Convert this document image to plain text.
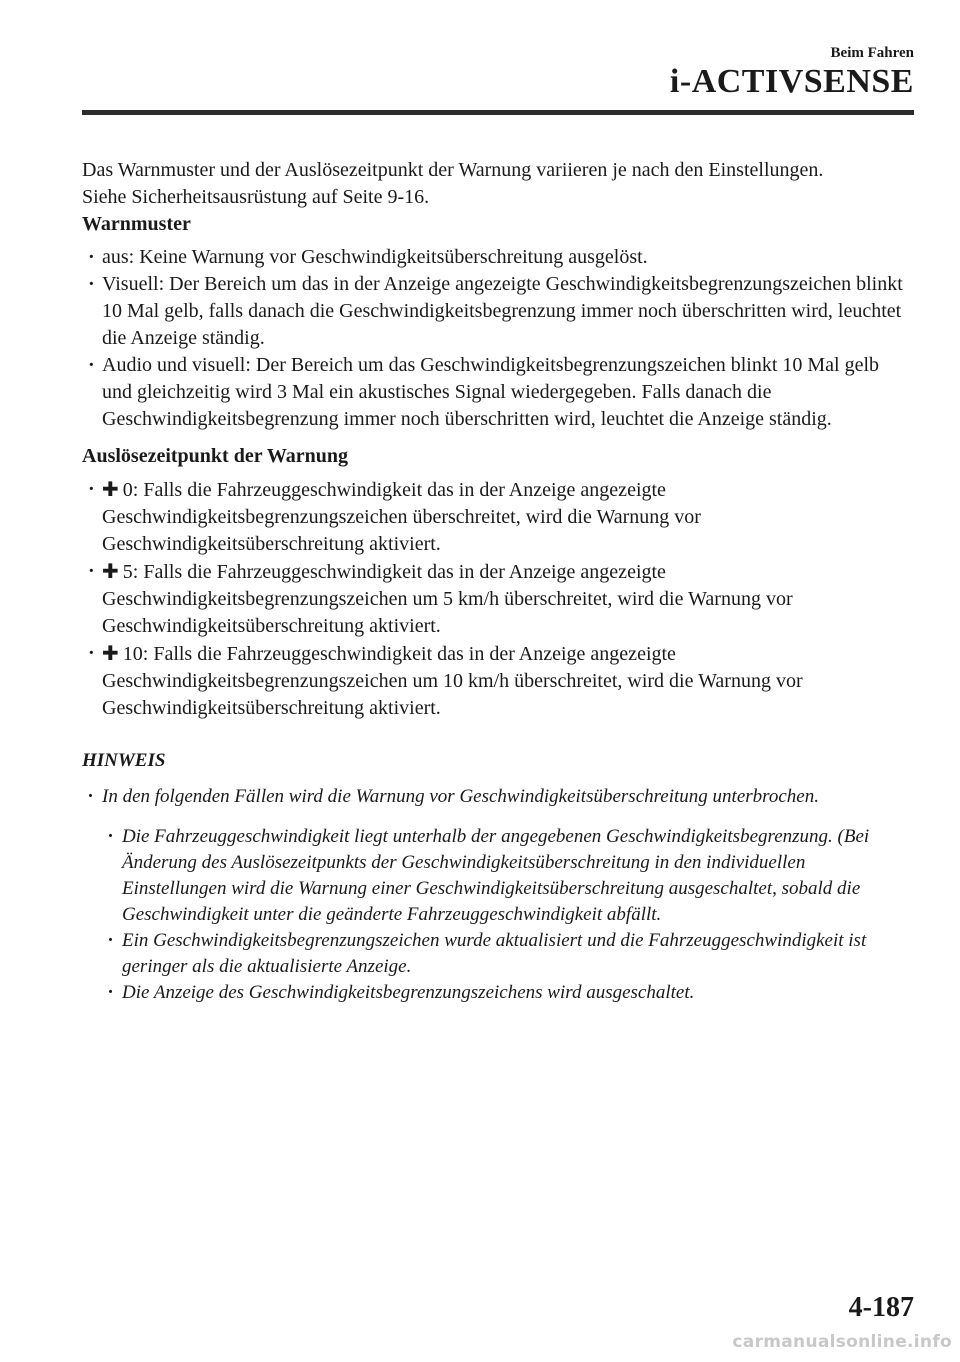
Beim Fahren
i-ACTIVSENSE

Das Warnmuster und der Auslösezeitpunkt der Warnung variieren je nach den Einstellungen.
Siehe Sicherheitsausrüstung auf Seite 9-16.

Warnmuster

· aus: Keine Warnung vor Geschwindigkeitsüberschreitung ausgelöst.
· Visuell: Der Bereich um das in der Anzeige angezeigte Geschwindigkeitsbegrenzungszeichen blinkt 10 Mal gelb, falls danach die Geschwindigkeitsbegrenzung immer noch überschritten wird, leuchtet die Anzeige ständig.
· Audio und visuell: Der Bereich um das Geschwindigkeitsbegrenzungszeichen blinkt 10 Mal gelb und gleichzeitig wird 3 Mal ein akustisches Signal wiedergegeben. Falls danach die Geschwindigkeitsbegrenzung immer noch überschritten wird, leuchtet die Anzeige ständig.

Auslösezeitpunkt der Warnung

· ✚ 0: Falls die Fahrzeuggeschwindigkeit das in der Anzeige angezeigte Geschwindigkeitsbegrenzungszeichen überschreitet, wird die Warnung vor Geschwindigkeitsüberschreitung aktiviert.
· ✚ 5: Falls die Fahrzeuggeschwindigkeit das in der Anzeige angezeigte Geschwindigkeitsbegrenzungszeichen um 5 km/h überschreitet, wird die Warnung vor Geschwindigkeitsüberschreitung aktiviert.
· ✚ 10: Falls die Fahrzeuggeschwindigkeit das in der Anzeige angezeigte Geschwindigkeitsbegrenzungszeichen um 10 km/h überschreitet, wird die Warnung vor Geschwindigkeitsüberschreitung aktiviert.

HINWEIS

· In den folgenden Fällen wird die Warnung vor Geschwindigkeitsüberschreitung unterbrochen.
· Die Fahrzeuggeschwindigkeit liegt unterhalb der angegebenen Geschwindigkeitsbegrenzung. (Bei Änderung des Auslösezeitpunkts der Geschwindigkeitsüberschreitung in den individuellen Einstellungen wird die Warnung einer Geschwindigkeitsüberschreitung ausgeschaltet, sobald die Geschwindigkeit unter die geänderte Fahrzeuggeschwindigkeit abfällt.
· Ein Geschwindigkeitsbegrenzungszeichen wurde aktualisiert und die Fahrzeuggeschwindigkeit ist geringer als die aktualisierte Anzeige.
· Die Anzeige des Geschwindigkeitsbegrenzungszeichens wird ausgeschaltet.
4-187
carmanualsonline.info
